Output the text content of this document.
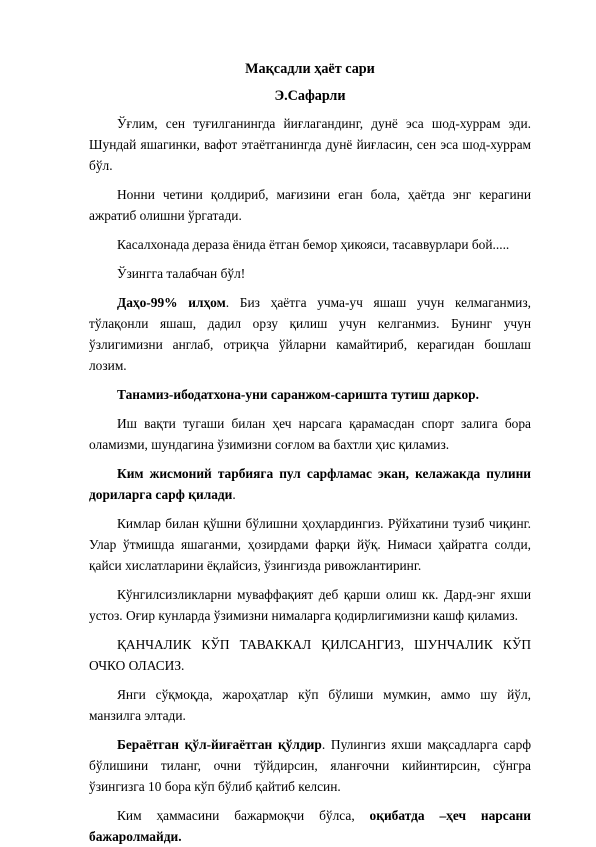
Мақсадли ҳаёт сари
Э.Сафарли

Ўғлим, сен туғилганингда йиғлагандинг, дунё эса шод-хуррам эди. Шундай яшагинки, вафот этаётганингда дунё йиғласин, сен эса шод-хуррам бўл.

Нонни четини қолдириб, мағизини еган бола, ҳаётда энг керагини ажратиб олишни ўргатади.

Касалхонада дераза ёнида ётган бемор ҳикояси, тасаввурлари бой.....

Ўзингга талабчан бўл!

Даҳо-99% илҳом. Биз ҳаётга учма-уч яшаш учун келмаганмиз, тўлақонли яшаш, дадил орзу қилиш учун келганмиз. Бунинг учун ўзлигимизни англаб, отриқча ўйларни камайтириб, керагидан бошлаш лозим.

Танамиз-ибодатхона-уни саранжом-саришта тутиш даркор.

Иш вақти тугаши билан ҳеч нарсага қарамасдан спорт залига бора оламизми, шундагина ўзимизни соғлом ва бахтли ҳис қиламиз.

Ким жисмоний тарбияга пул сарфламас экан, келажакда пулини дориларга сарф қилади.

Кимлар билан қўшни бўлишни ҳоҳлардингиз. Рўйхатини тузиб чиқинг. Улар ўтмишда яшаганми, ҳозирдами фарқи йўқ. Нимаси ҳайратга солди, қайси хислатларини ёқлайсиз, ўзингизда ривожлантиринг.

Кўнгилсизликларни муваффақият деб қарши олиш кк. Дард-энг яхши устоз. Оғир кунларда ўзимизни нималарга қодирлигимизни кашф қиламиз.

ҚАНЧАЛИК КЎП ТАВАККАЛ ҚИЛСАНГИЗ, ШУНЧАЛИК КЎП ОЧКО ОЛАСИЗ.

Янги сўқмоқда, жароҳатлар кўп бўлиши мумкин, аммо шу йўл, манзилга элтади.

Бераётган қўл-йиғаётган қўлдир. Пулингиз яхши мақсадларга сарф бўлишини тиланг, очни тўйдирсин, яланғочни кийинтирсин, сўнгра ўзингизга 10 бора кўп бўлиб қайтиб келсин.

Ким ҳаммасини бажармоқчи бўлса, оқибатда –ҳеч нарсани
бажаролмайди.
